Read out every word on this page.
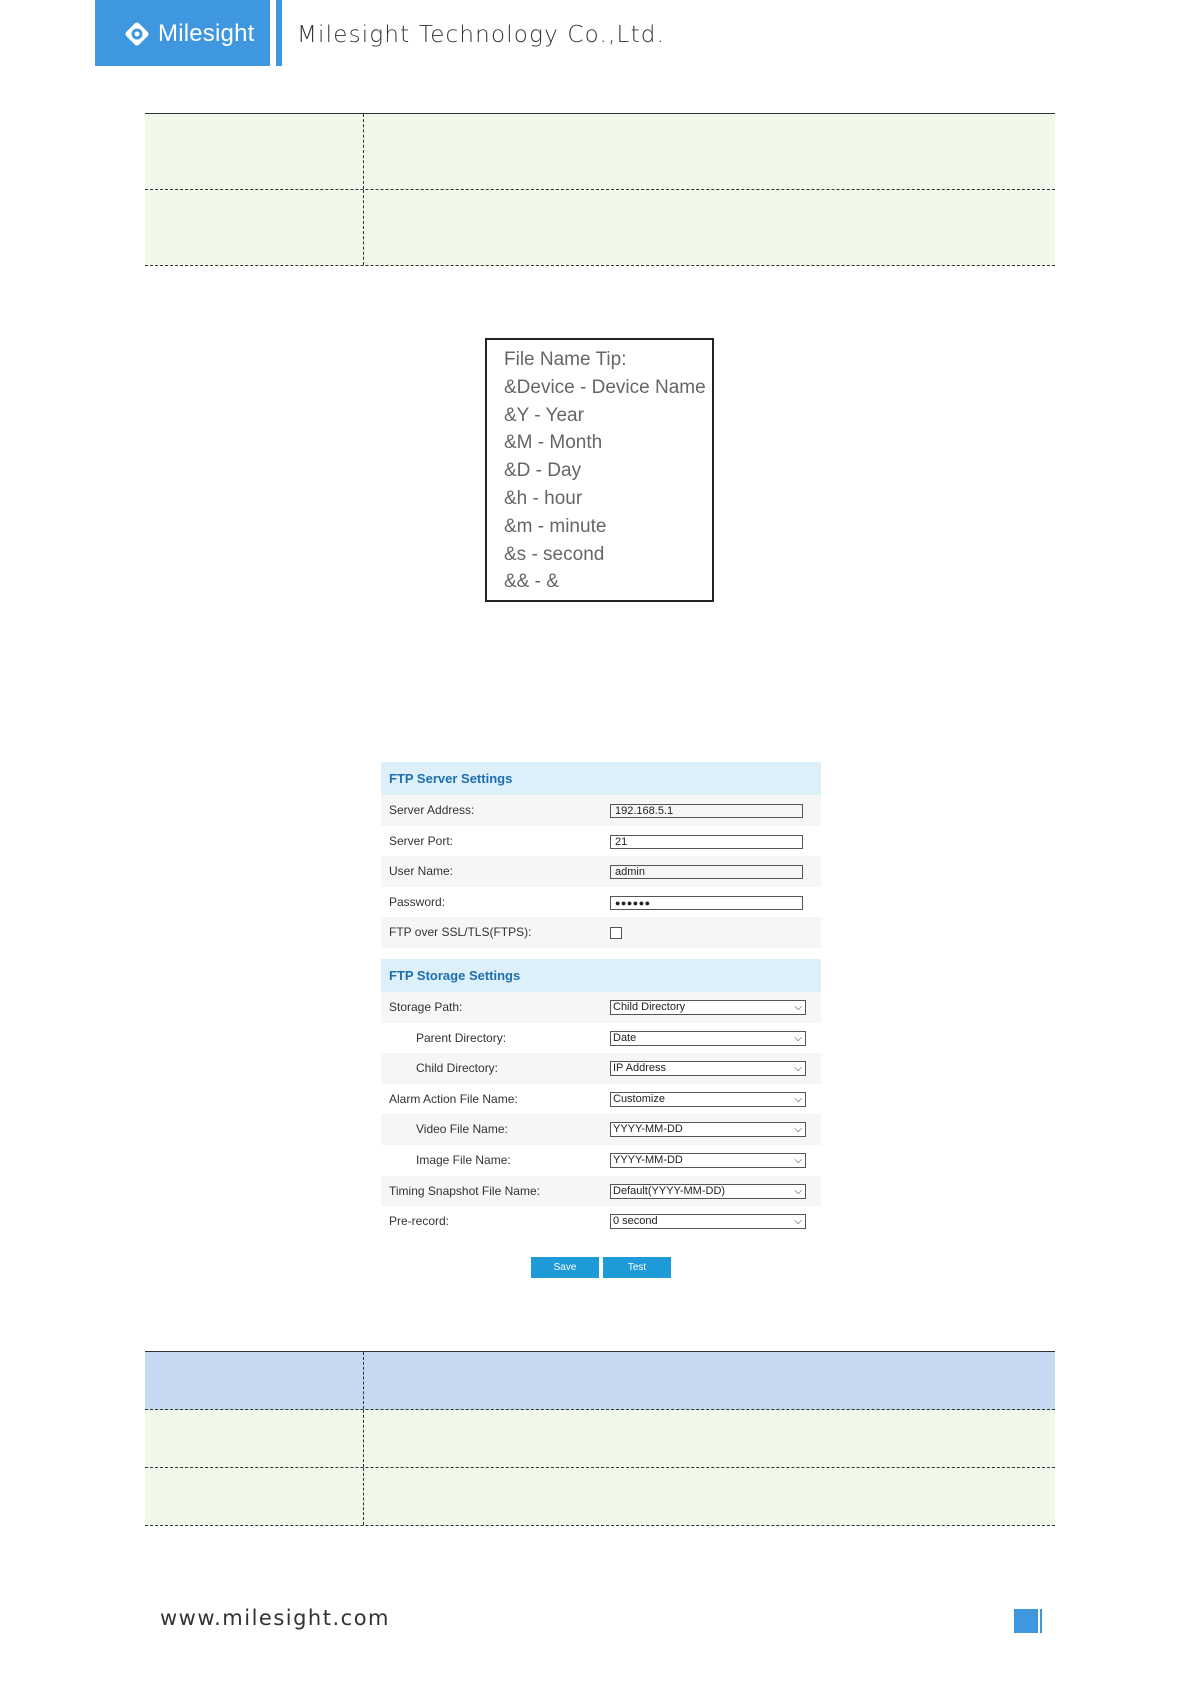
Milesight Milesight Technology Co.,Ltd.
File Name Tip:
&Device - Device Name
&Y - Year
&M - Month
&D - Day
&h - hour
&m - minute
&s - second
&& - &
FTP Server Settings
Server Address:	192.168.5.1
Server Port:	21
User Name:	admin
Password:	●●●●●●
FTP over SSL/TLS(FTPS):
FTP Storage Settings
Storage Path:	Child Directory	⌵
Parent Directory:	Date	⌵
Child Directory:	IP Address	⌵
Alarm Action File Name:	Customize	⌵
Video File Name:	YYYY-MM-DD	⌵
Image File Name:	YYYY-MM-DD	⌵
Timing Snapshot File Name:	Default(YYYY-MM-DD)	⌵
Pre-record:	0 second	⌵
Save	Test
www.milesight.com
